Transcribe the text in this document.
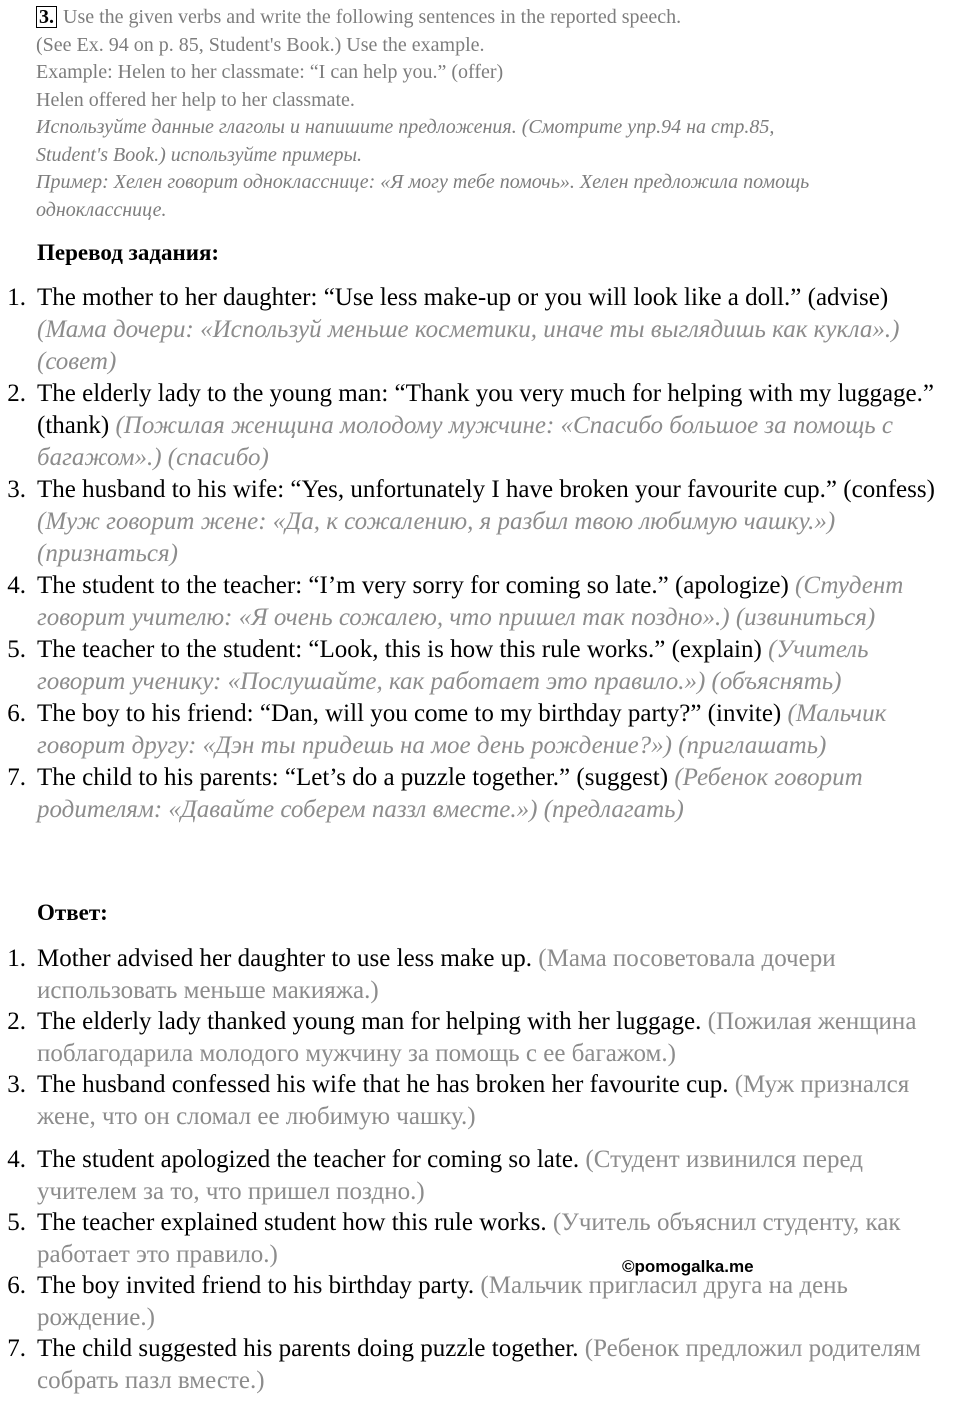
3. Use the given verbs and write the following sentences in the reported speech.
(See Ex. 94 on p. 85, Student's Book.) Use the example.
Example: Helen to her classmate: “I can help you.” (offer)
Helen offered her help to her classmate.
Используйте данные глаголы и напишите предложения. (Смотрите упр.94 на стр.85,
Student's Book.) используйте примеры.
Пример: Хелен говорит однокласснице: «Я могу тебе помочь». Хелен предложила помощь
однокласснице.
Перевод задания:
1. The mother to her daughter: “Use less make-up or you will look like a doll.” (advise) (Мама дочери: «Используй меньше косметики, иначе ты выглядишь как кукла».) (совет)
2. The elderly lady to the young man: “Thank you very much for helping with my luggage.” (thank) (Пожилая женщина молодому мужчине: «Спасибо большое за помощь с багажом».) (спасибо)
3. The husband to his wife: “Yes, unfortunately I have broken your favourite cup.” (confess) (Муж говорит жене: «Да, к сожалению, я разбил твою любимую чашку.») (признаться)
4. The student to the teacher: “I’m very sorry for coming so late.” (apologize) (Студент говорит учителю: «Я очень сожалею, что пришел так поздно».) (извиниться)
5. The teacher to the student: “Look, this is how this rule works.” (explain) (Учитель говорит ученику: «Послушайте, как работает это правило.») (объяснять)
6. The boy to his friend: “Dan, will you come to my birthday party?” (invite) (Мальчик говорит другу: «Дэн ты придешь на мое день рождение?») (приглашать)
7. The child to his parents: “Let’s do a puzzle together.” (suggest) (Ребенок говорит родителям: «Давайте соберем паззл вместе.») (предлагать)
Ответ:
1. Mother advised her daughter to use less make up. (Мама посоветовала дочери использовать меньше макияжа.)
2. The elderly lady thanked young man for helping with her luggage. (Пожилая женщина поблагодарила молодого мужчину за помощь с ее багажом.)
3. The husband confessed his wife that he has broken her favourite cup. (Муж признался жене, что он сломал ее любимую чашку.)
4. The student apologized the teacher for coming so late. (Студент извинился перед учителем за то, что пришел поздно.)
5. The teacher explained student how this rule works. (Учитель объяснил студенту, как работает это правило.)
6. The boy invited friend to his birthday party. (Мальчик пригласил друга на день рождение.)
7. The child suggested his parents doing puzzle together. (Ребенок предложил родителям собрать пазл вместе.)
©pomogalka.me
